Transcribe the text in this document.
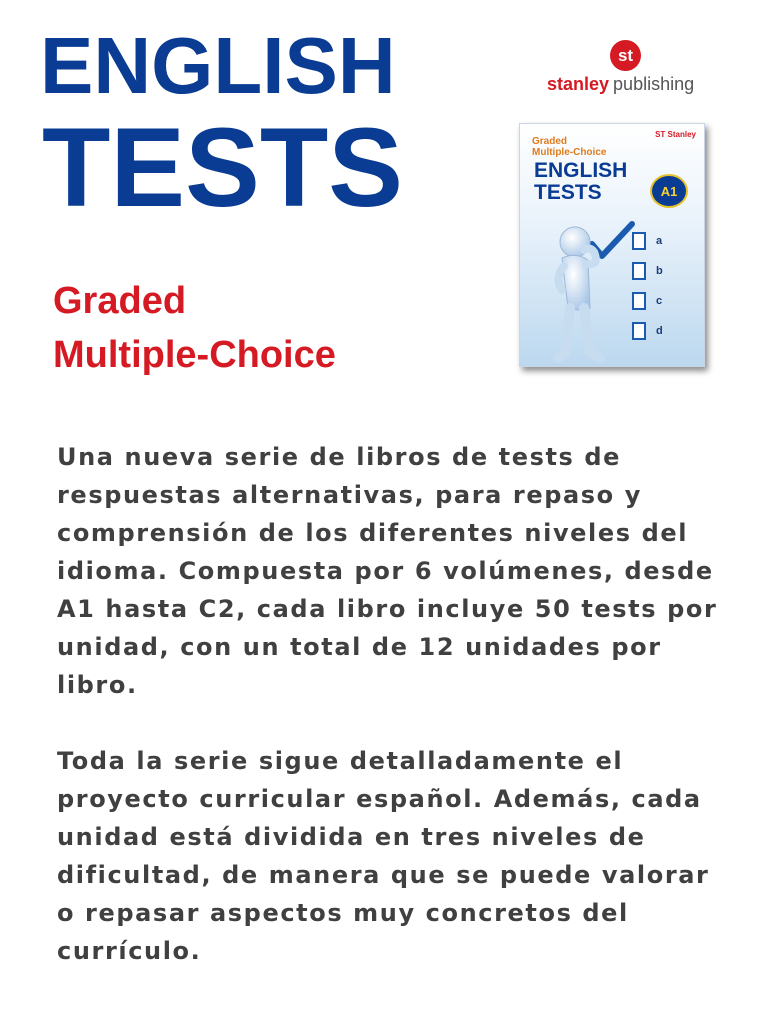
ENGLISH
TESTS
Graded
Multiple-Choice
st
stanley publishing
Graded
Multiple-Choice
ST Stanley
ENGLISH
TESTS	A1
a
b
c
d

Una nueva serie de libros de tests de respuestas alternativas, para repaso y comprensión de los diferentes niveles del idioma. Compuesta por 6 volúmenes, desde A1 hasta C2, cada libro incluye 50 tests por unidad, con un total de 12 unidades por libro.

Toda la serie sigue detalladamente el proyecto curricular español. Además, cada unidad está dividida en tres niveles de dificultad, de manera que se puede valorar o repasar aspectos muy concretos del currículo.
